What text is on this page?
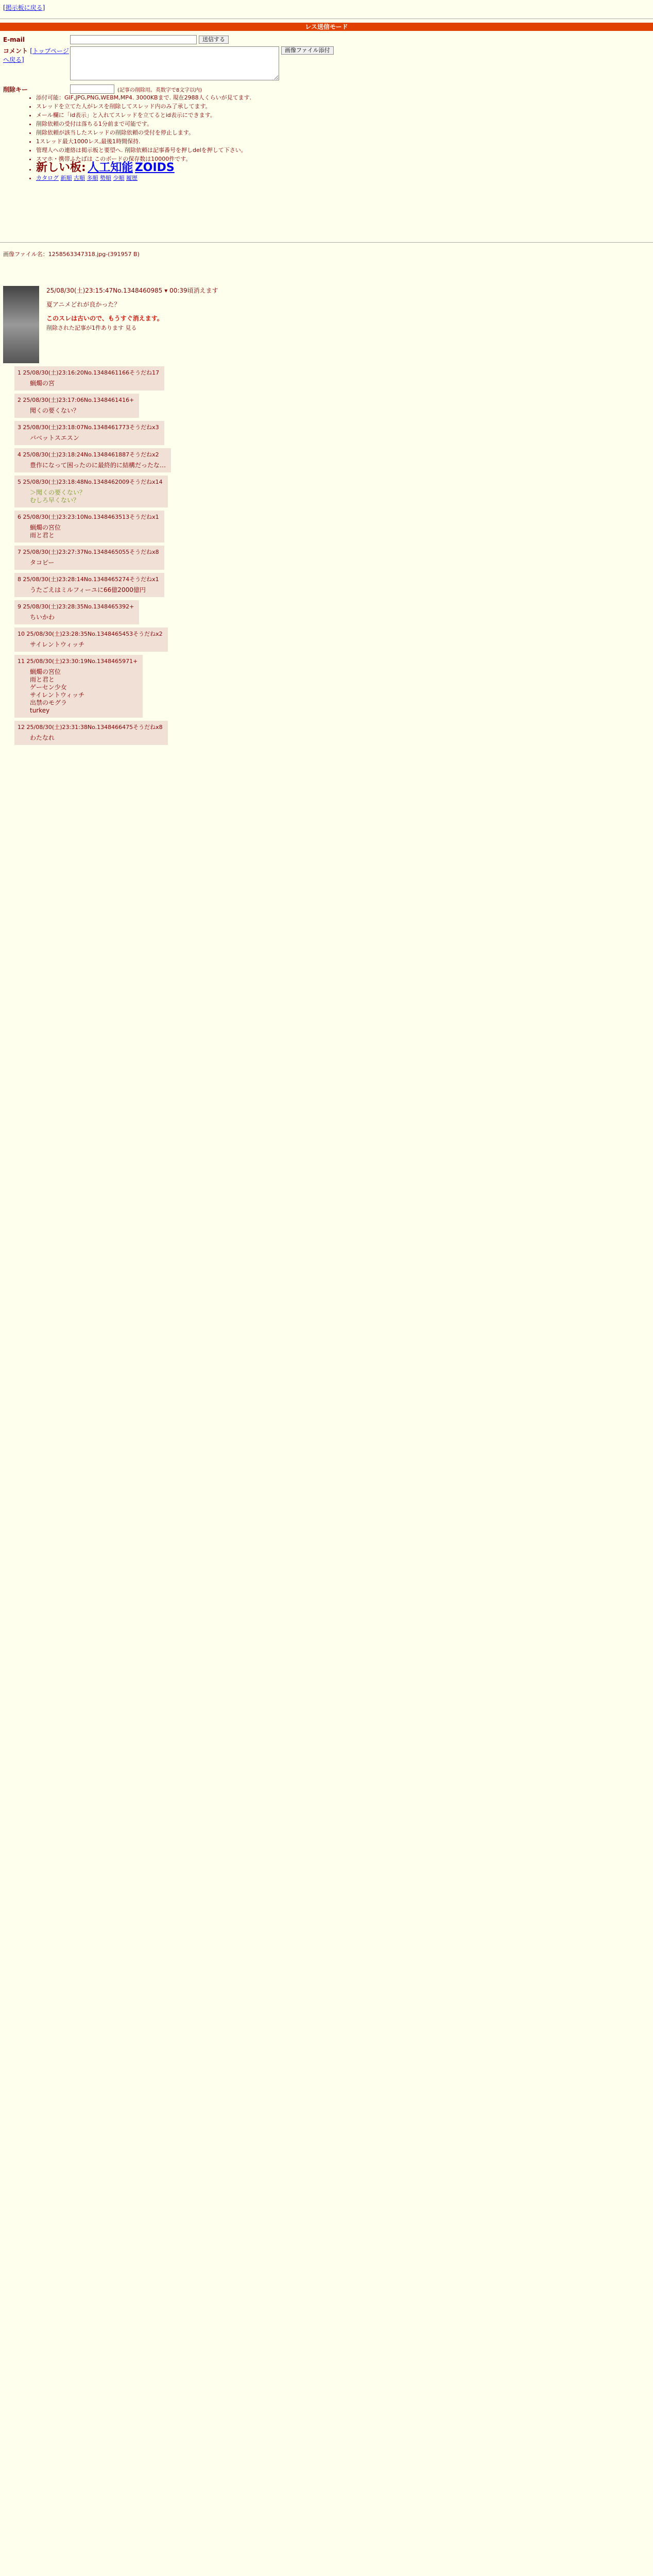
[掲示板に戻る]
レス送信モード
E-mail	送信する
コメント [トップページへ戻る]
画像ファイル添付
削除キー	(記事の削除用。英数字で8文字以内)
• 添付可能：GIF,JPG,PNG,WEBM,MP4. 3000KBまで. 現在2988人くらいが見てます.
• スレッドを立てた人がレスを削除してスレッド内のみ了承してます。
• メール欄に「id表示」と入れてスレッドを立てるとid表示にできます。
• 削除依頼の受付は落ちる1分前まで可能です。
• 削除依頼が該当したスレッドの削除依頼の受付を停止します。
• 1スレッド最大1000レス,最後1時間保持.
• 管理人への連絡は掲示板と要望へ. 削除依頼は記事番号を押しdelを押して下さい。
• スマホ・携帯ふたばは このボードの保存数は10000件です。
• 新しい板: 人工知能 ZOIDS
• カタログ 新順 古順 多順 勢順 少順 履歴
画像ファイル名：1258563347318.jpg-(391957 B)
25/08/30(土)23:15:47No.1348460985 ▾ 00:39頃消えます
夏アニメどれが良かった？
このスレは古いので、もうすぐ消えます。
削除された記事が1件あります 見る
1 25/08/30(土)23:16:20No.1348461166そうだね17
蝋燭の宮
2 25/08/30(土)23:17:06No.1348461416+
聞くの要くない？
3 25/08/30(土)23:18:07No.1348461773そうだねx3
バベットスエスン
4 25/08/30(土)23:18:24No.1348461887そうだねx2
豊作になって困ったのに最終的に結構だったな…
5 25/08/30(土)23:18:48No.1348462009そうだねx14
＞聞くの要くない？
むしろ早くない？
6 25/08/30(土)23:23:10No.1348463513そうだねx1
蝋燭の宮位
雨と君と
7 25/08/30(土)23:27:37No.1348465055そうだねx8
タコピー
8 25/08/30(土)23:28:14No.1348465274そうだねx1
うたごえはミルフィーユに66億2000億円
9 25/08/30(土)23:28:35No.1348465392+
ちいかわ
10 25/08/30(土)23:28:35No.1348465453そうだねx2
サイレントウィッチ
11 25/08/30(土)23:30:19No.1348465971+
蝋燭の宮位
雨と君と
ゲーセン少女
サイレントウィッチ
出禁のモグラ
turkey
12 25/08/30(土)23:31:38No.1348466475そうだねx8
わたなれ
